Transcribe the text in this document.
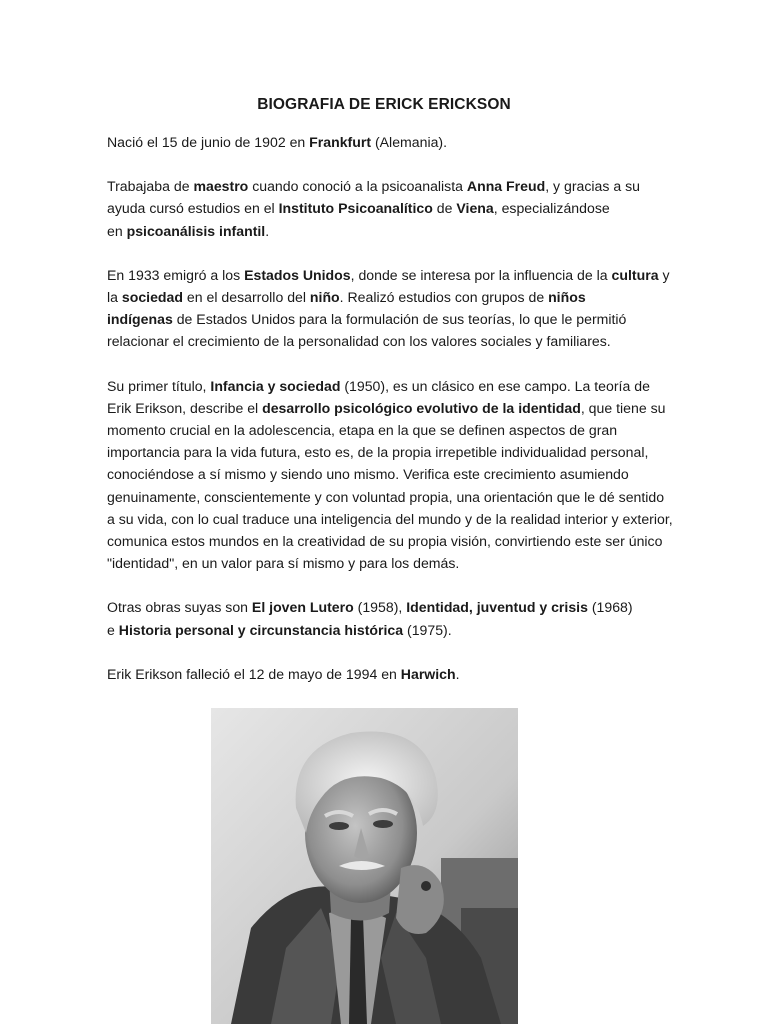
BIOGRAFIA DE ERICK ERICKSON

Nació el 15 de junio de 1902 en Frankfurt (Alemania).

Trabajaba de maestro cuando conoció a la psicoanalista Anna Freud, y gracias a su
ayuda cursó estudios en el Instituto Psicoanalítico de Viena, especializándose
en psicoanálisis infantil.

En 1933 emigró a los Estados Unidos, donde se interesa por la influencia de la cultura y
la sociedad en el desarrollo del niño. Realizó estudios con grupos de niños
indígenas de Estados Unidos para la formulación de sus teorías, lo que le permitió
relacionar el crecimiento de la personalidad con los valores sociales y familiares.

Su primer título, Infancia y sociedad (1950), es un clásico en ese campo. La teoría de
Erik Erikson, describe el desarrollo psicológico evolutivo de la identidad, que tiene su
momento crucial en la adolescencia, etapa en la que se definen aspectos de gran
importancia para la vida futura, esto es, de la propia irrepetible individualidad personal,
conociéndose a sí mismo y siendo uno mismo. Verifica este crecimiento asumiendo
genuinamente, conscientemente y con voluntad propia, una orientación que le dé sentido
a su vida, con lo cual traduce una inteligencia del mundo y de la realidad interior y exterior,
comunica estos mundos en la creatividad de su propia visión, convirtiendo este ser único
"identidad", en un valor para sí mismo y para los demás.

Otras obras suyas son El joven Lutero (1958), Identidad, juventud y crisis (1968)
e Historia personal y circunstancia histórica (1975).

Erik Erikson falleció el 12 de mayo de 1994 en Harwich.
